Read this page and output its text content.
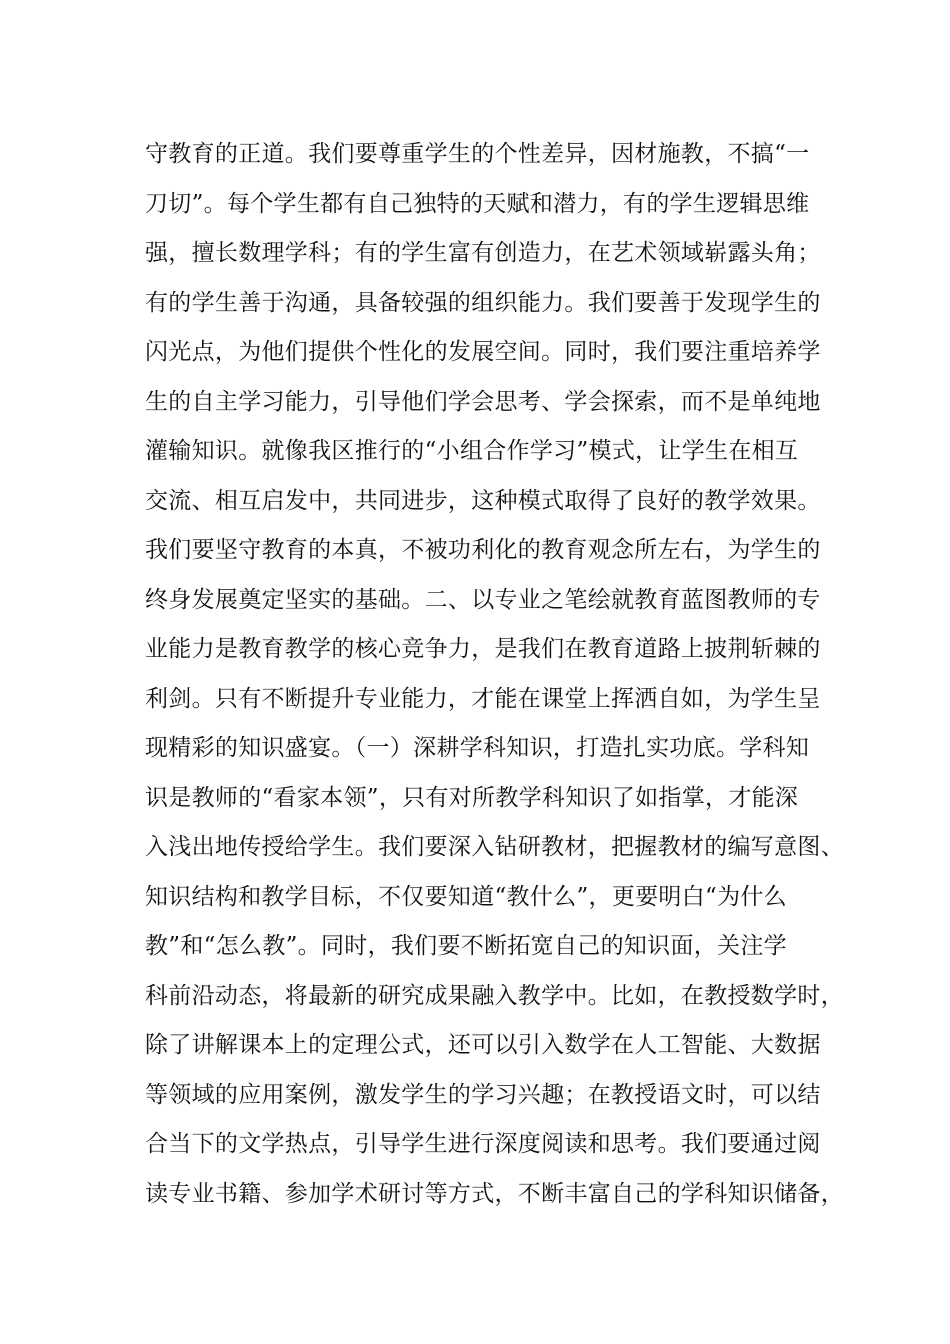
守教育的正道。我们要尊重学生的个性差异，因材施教，不搞“一
刀切”。每个学生都有自己独特的天赋和潜力，有的学生逻辑思维
强，擅长数理学科；有的学生富有创造力，在艺术领域崭露头角；
有的学生善于沟通，具备较强的组织能力。我们要善于发现学生的
闪光点，为他们提供个性化的发展空间。同时，我们要注重培养学
生的自主学习能力，引导他们学会思考、学会探索，而不是单纯地
灌输知识。就像我区推行的“小组合作学习”模式，让学生在相互
交流、相互启发中，共同进步，这种模式取得了良好的教学效果。
我们要坚守教育的本真，不被功利化的教育观念所左右，为学生的
终身发展奠定坚实的基础。二、以专业之笔绘就教育蓝图教师的专
业能力是教育教学的核心竞争力，是我们在教育道路上披荆斩棘的
利剑。只有不断提升专业能力，才能在课堂上挥洒自如，为学生呈
现精彩的知识盛宴。（一）深耕学科知识，打造扎实功底。学科知
识是教师的“看家本领”，只有对所教学科知识了如指掌，才能深
入浅出地传授给学生。我们要深入钻研教材，把握教材的编写意图、
知识结构和教学目标，不仅要知道“教什么”，更要明白“为什么
教”和“怎么教”。同时，我们要不断拓宽自己的知识面，关注学
科前沿动态，将最新的研究成果融入教学中。比如，在教授数学时，
除了讲解课本上的定理公式，还可以引入数学在人工智能、大数据
等领域的应用案例，激发学生的学习兴趣；在教授语文时，可以结
合当下的文学热点，引导学生进行深度阅读和思考。我们要通过阅
读专业书籍、参加学术研讨等方式，不断丰富自己的学科知识储备，
